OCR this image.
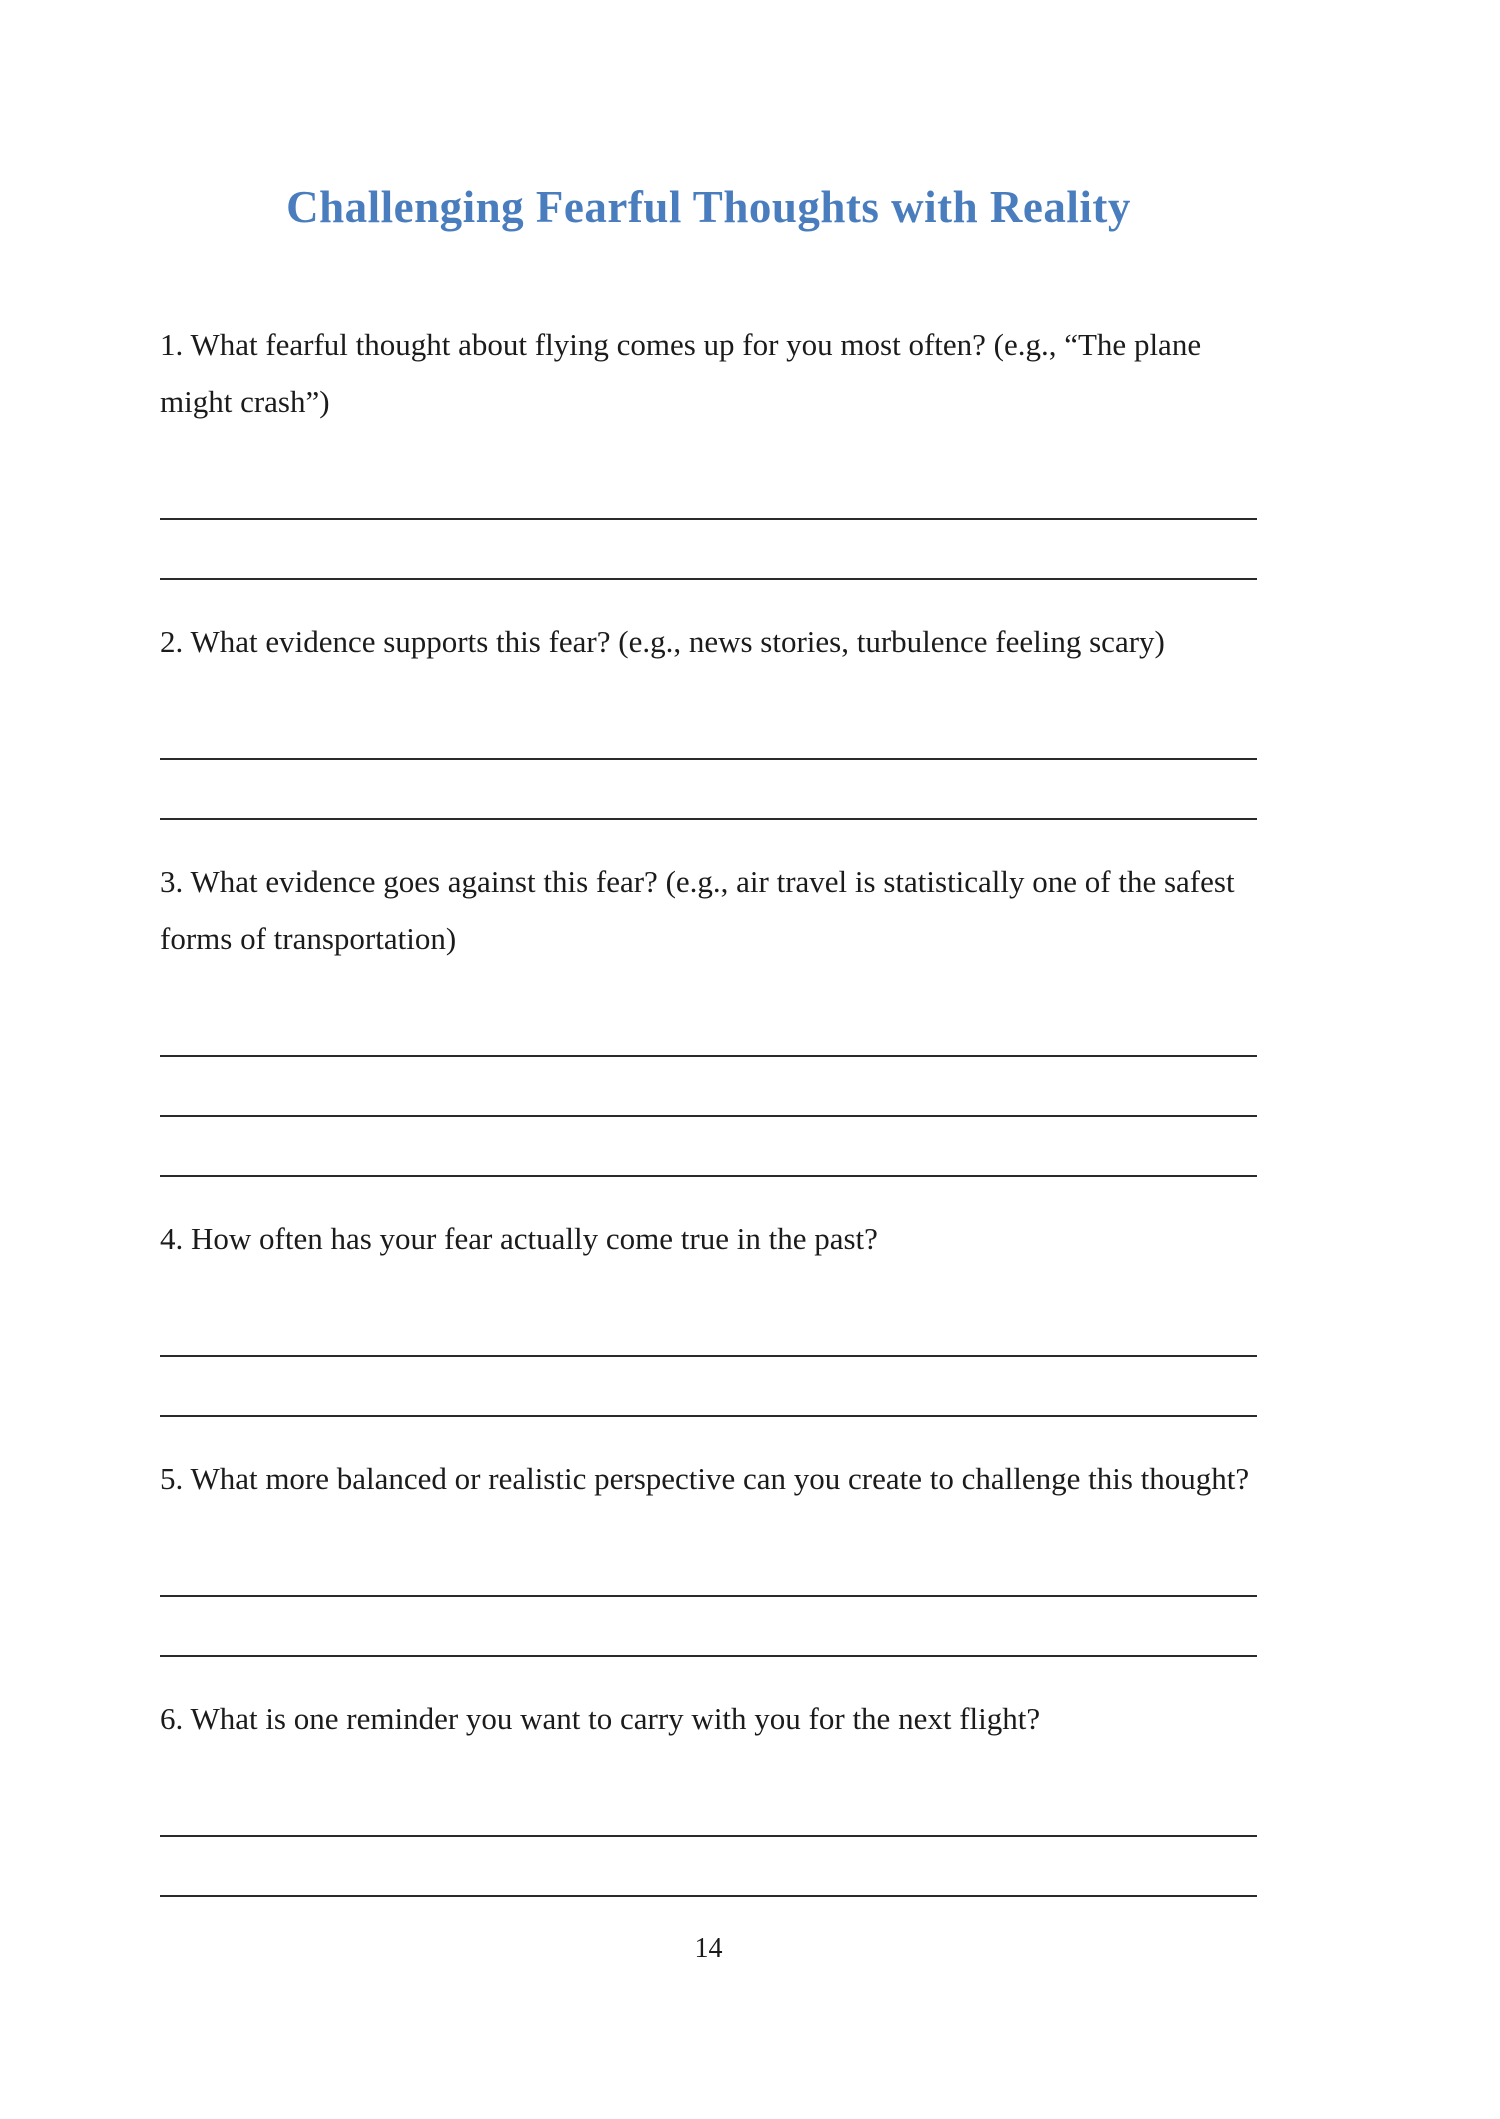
Challenging Fearful Thoughts with Reality

1. What fearful thought about flying comes up for you most often? (e.g., “The plane might crash”)

2. What evidence supports this fear? (e.g., news stories, turbulence feeling scary)

3. What evidence goes against this fear? (e.g., air travel is statistically one of the safest forms of transportation)

4. How often has your fear actually come true in the past?

5. What more balanced or realistic perspective can you create to challenge this thought?

6. What is one reminder you want to carry with you for the next flight?

14
